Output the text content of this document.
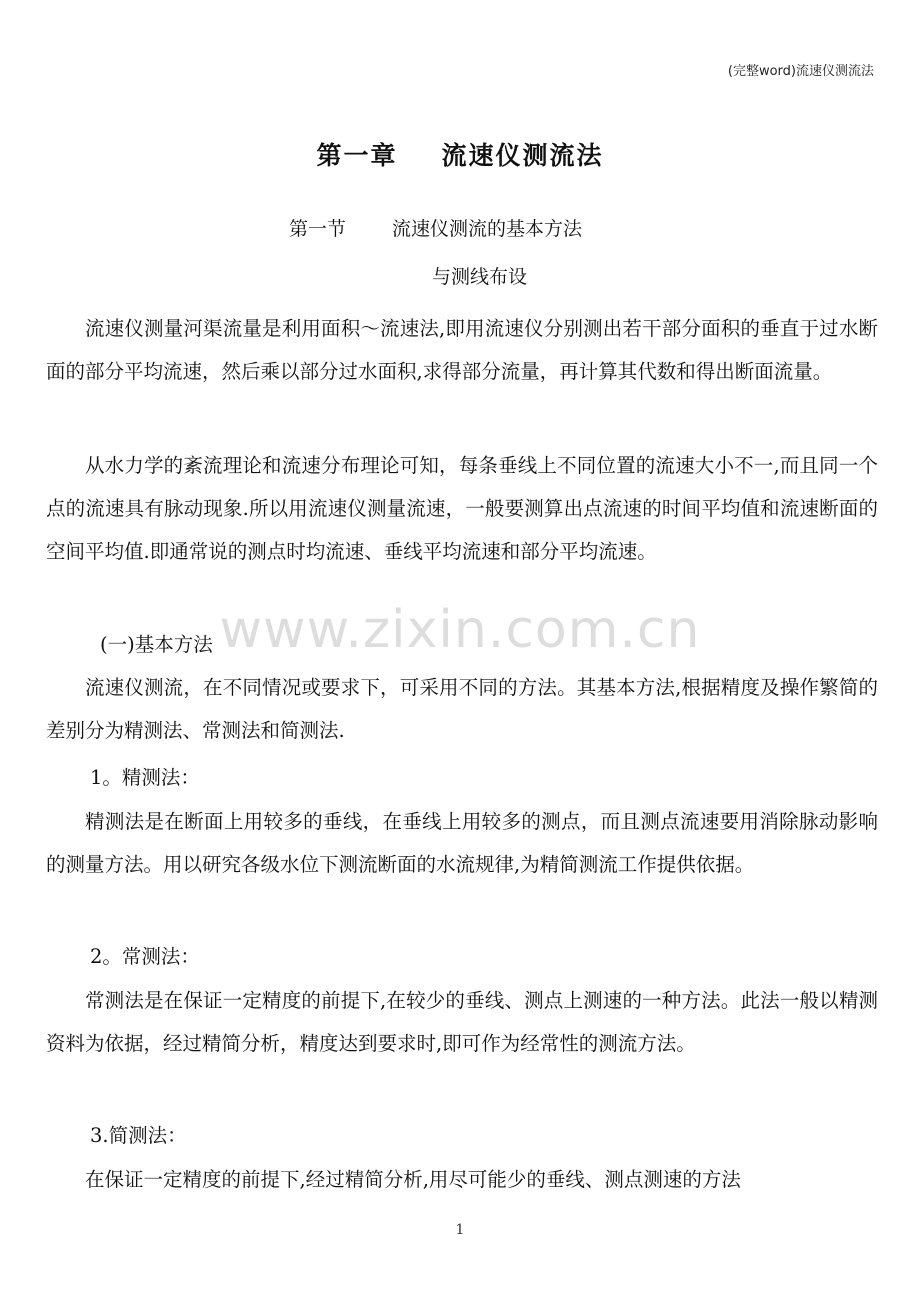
(完整word)流速仪测流法
第一章 流速仪测流法
第一节 流速仪测流的基本方法
与测线布设
流速仪测量河渠流量是利用面积～流速法,即用流速仪分别测出若干部分面积的垂直于过水断面的部分平均流速，然后乘以部分过水面积,求得部分流量，再计算其代数和得出断面流量。
从水力学的紊流理论和流速分布理论可知，每条垂线上不同位置的流速大小不一,而且同一个点的流速具有脉动现象.所以用流速仪测量流速，一般要测算出点流速的时间平均值和流速断面的空间平均值.即通常说的测点时均流速、垂线平均流速和部分平均流速。
(一)基本方法
流速仪测流，在不同情况或要求下，可采用不同的方法。其基本方法,根据精度及操作繁简的差别分为精测法、常测法和简测法.
1。精测法：
精测法是在断面上用较多的垂线，在垂线上用较多的测点，而且测点流速要用消除脉动影响的测量方法。用以研究各级水位下测流断面的水流规律,为精简测流工作提供依据。
2。常测法：
常测法是在保证一定精度的前提下,在较少的垂线、测点上测速的一种方法。此法一般以精测资料为依据，经过精简分析，精度达到要求时,即可作为经常性的测流方法。
3.简测法：
在保证一定精度的前提下,经过精简分析,用尽可能少的垂线、测点测速的方法
www.zixin.com.cn
1
